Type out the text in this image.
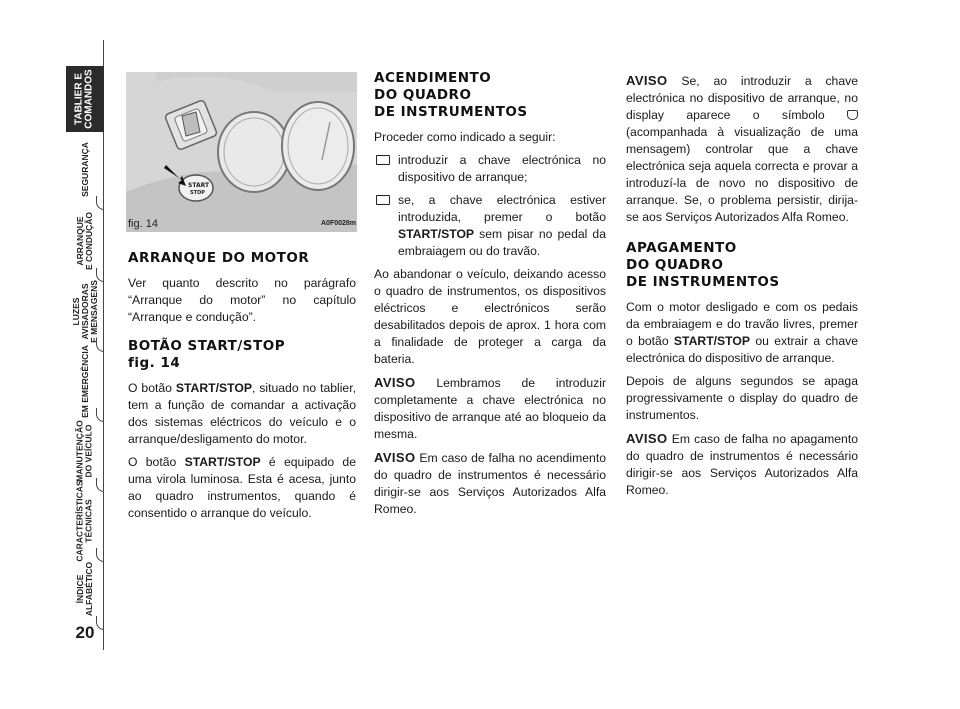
TABLIER E
COMANDOS
SEGURANÇA
ARRANQUE
E CONDUÇÃO
LUZES
AVISADORAS
E MENSAGENS
EM EMERGÊNCIA
MANUTENÇÃO
DO VEÍCULO
CARACTERÍSTICAS
TÉCNICAS
ÍNDICE
ALFABÉTICO
20
START
STOP
fig. 14	A0F0028m
ARRANQUE DO MOTOR

Ver quanto descrito no parágrafo “Arranque do motor” no capítulo “Arranque e condução”.

BOTÃO START/STOP
fig. 14

O botão START/STOP, situado no tablier, tem a função de comandar a activação dos sistemas eléctricos do veículo e o arranque/desligamento do motor.

O botão START/STOP é equipado de uma virola luminosa. Esta é acesa, junto ao quadro instrumentos, quando é consentido o arranque do veículo.

ACENDIMENTO
DO QUADRO
DE INSTRUMENTOS

Proceder como indicado a seguir:

introduzir a chave electrónica no dispositivo de arranque;
se, a chave electrónica estiver introduzida, premer o botão START/STOP sem pisar no pedal da embraiagem ou do travão.

Ao abandonar o veículo, deixando acesso o quadro de instrumentos, os dispositivos eléctricos e electrónicos serão desabilitados depois de aprox. 1 hora com a finalidade de proteger a carga da bateria.

AVISO Lembramos de introduzir completamente a chave electrónica no dispositivo de arranque até ao bloqueio da mesma.

AVISO Em caso de falha no acendimento do quadro de instrumentos é necessário dirigir-se aos Serviços Autorizados Alfa Romeo.

AVISO Se, ao introduzir a chave electrónica no dispositivo de arranque, no display aparece o símbolo  (acompanhada à visualização de uma mensagem) controlar que a chave electrónica seja aquela correcta e provar a introduzí-la de novo no dispositivo de arranque. Se, o problema persistir, dirija-se aos Serviços Autorizados Alfa Romeo.

APAGAMENTO
DO QUADRO
DE INSTRUMENTOS

Com o motor desligado e com os pedais da embraiagem e do travão livres, premer o botão START/STOP ou extrair a chave electrónica do dispositivo de arranque.

Depois de alguns segundos se apaga progressivamente o display do quadro de instrumentos.

AVISO Em caso de falha no apagamento do quadro de instrumentos é necessário dirigir-se aos Serviços Autorizados Alfa Romeo.
